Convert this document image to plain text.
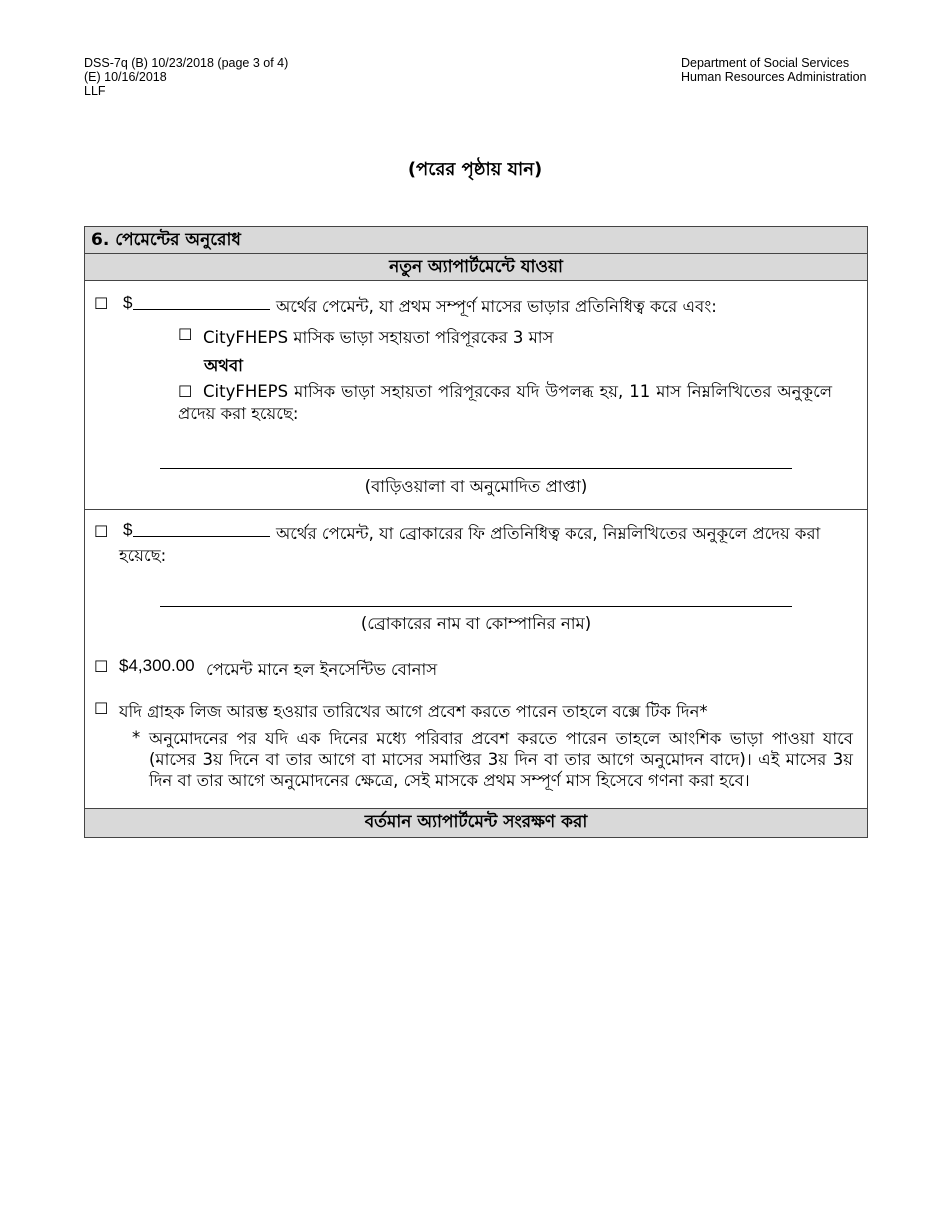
DSS-7q (B) 10/23/2018 (page 3 of 4)
(E) 10/16/2018
LLF
Department of Social Services
Human Resources Administration
(পরের পৃষ্ঠায় যান)
6. পেমেন্টের অনুরোধ
নতুন অ্যাপার্টমেন্টে যাওয়া
☐ $	অর্থের পেমেন্ট, যা প্রথম সম্পূর্ণ মাসের ভাড়ার প্রতিনিধিত্ব করে এবং:
☐ CityFHEPS মাসিক ভাড়া সহায়তা পরিপূরকের 3 মাস
অথবা
☐ CityFHEPS মাসিক ভাড়া সহায়তা পরিপূরকের যদি উপলব্ধ হয়, 11 মাস নিম্নলিখিতের অনুকূলে প্রদেয় করা হয়েছে:
(বাড়িওয়ালা বা অনুমোদিত প্রাপ্তা)
☐ $	অর্থের পেমেন্ট, যা ব্রোকারের ফি প্রতিনিধিত্ব করে, নিম্নলিখিতের অনুকূলে প্রদেয় করা
হয়েছে:
(ব্রোকারের নাম বা কোম্পানির নাম)
☐ $4,300.00 পেমেন্ট মানে হল ইনসেন্টিভ বোনাস
☐ যদি গ্রাহক লিজ আরম্ভ হওয়ার তারিখের আগে প্রবেশ করতে পারেন তাহলে বক্সে টিক দিন*
* অনুমোদনের পর যদি এক দিনের মধ্যে পরিবার প্রবেশ করতে পারেন তাহলে আংশিক ভাড়া পাওয়া যাবে (মাসের 3য় দিনে বা তার আগে বা মাসের সমাপ্তির 3য় দিন বা তার আগে অনুমোদন বাদে)। এই মাসের 3য় দিন বা তার আগে অনুমোদনের ক্ষেত্রে, সেই মাসকে প্রথম সম্পূর্ণ মাস হিসেবে গণনা করা হবে।
বর্তমান অ্যাপার্টমেন্ট সংরক্ষণ করা
